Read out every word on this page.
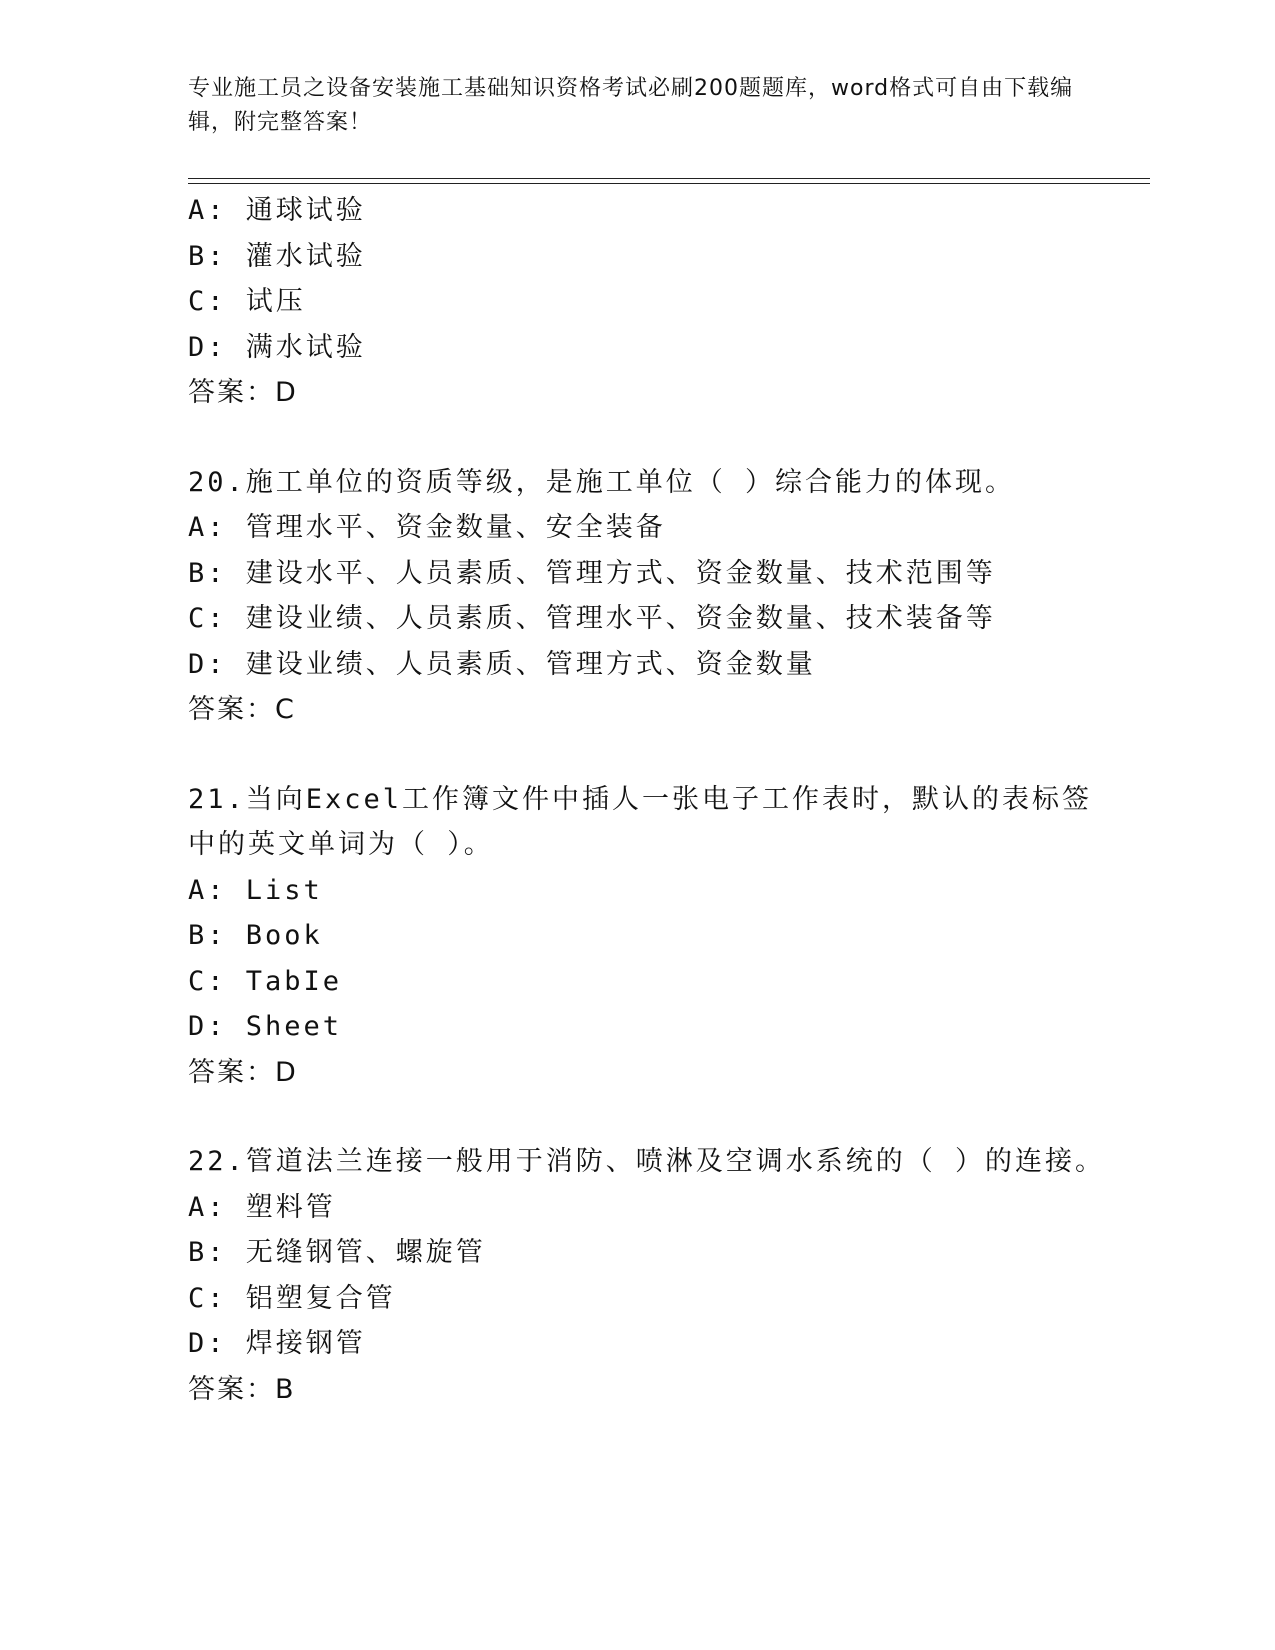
专业施工员之设备安装施工基础知识资格考试必刷200题题库，word格式可自由下载编辑，附完整答案！
A: 通球试验
B: 灌水试验
C: 试压
D: 满水试验
答案：D
20.施工单位的资质等级，是施工单位（ ）综合能力的体现。
A: 管理水平、资金数量、安全装备
B: 建设水平、人员素质、管理方式、资金数量、技术范围等
C: 建设业绩、人员素质、管理水平、资金数量、技术装备等
D: 建设业绩、人员素质、管理方式、资金数量
答案：C
21.当向Excel工作簿文件中插人一张电子工作表时，默认的表标签中的英文单词为（ ）。
A: List
B: Book
C: TabIe
D: Sheet
答案：D
22.管道法兰连接一般用于消防、喷淋及空调水系统的（ ）的连接。
A: 塑料管
B: 无缝钢管、螺旋管
C: 铝塑复合管
D: 焊接钢管
答案：B
